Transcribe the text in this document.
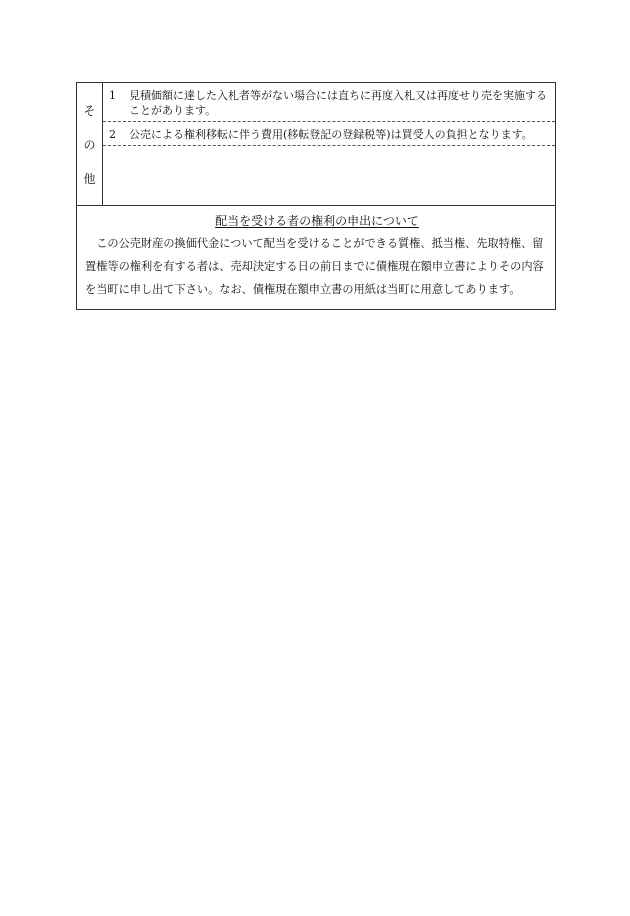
そ
の
他
1	見積価額に達した入札者等がない場合には直ちに再度入札又は再度せり売を実施することがあります。
2	公売による権利移転に伴う費用(移転登記の登録税等)は買受人の負担となります。
配当を受ける者の権利の申出について
この公売財産の換価代金について配当を受けることができる質権、抵当権、先取特権、留置権等の権利を有する者は、売却決定する日の前日までに債権現在額申立書によりその内容を当町に申し出て下さい。なお、債権現在額申立書の用紙は当町に用意してあります。
